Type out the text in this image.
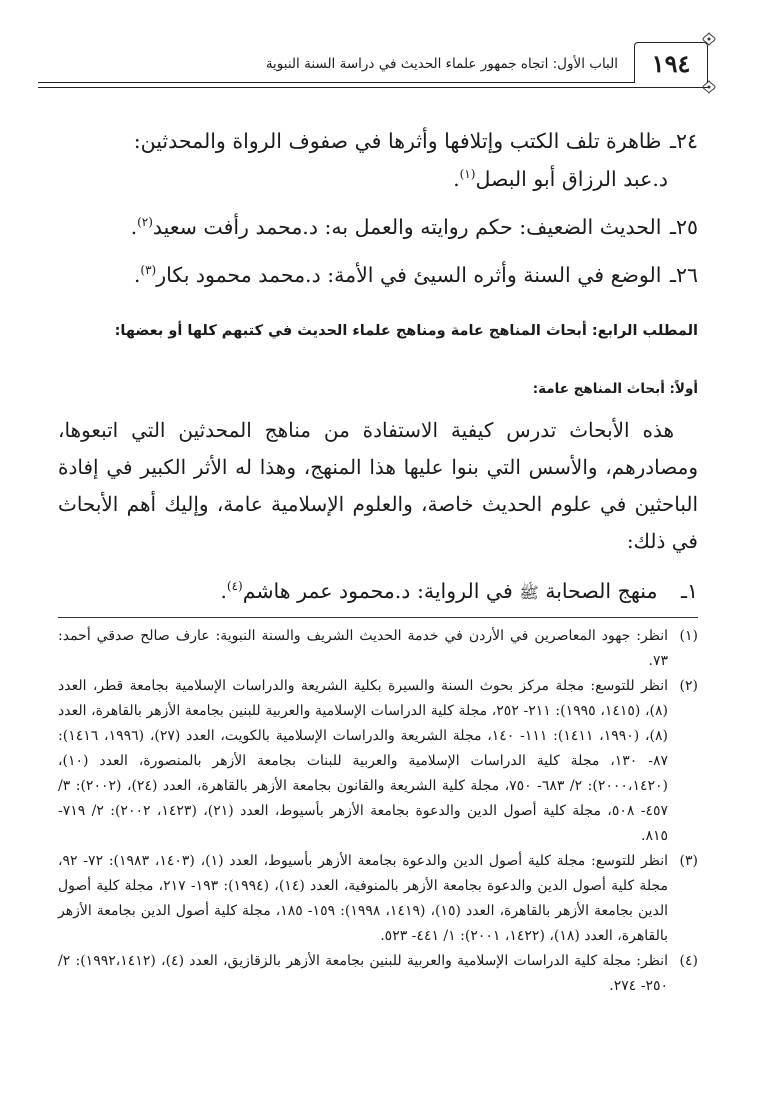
١٩٤
الباب الأول: اتجاه جمهور علماء الحديث في دراسة السنة النبوية
٢٤ـ ظاهرة تلف الكتب وإتلافها وأثرها في صفوف الرواة والمحدثين:
د.عبد الرزاق أبو البصل$^{(١)}$.
٢٥ـ الحديث الضعيف: حكم روايته والعمل به: د.محمد رأفت سعيد$^{(٢)}$.
٢٦ـ الوضع في السنة وأثره السيئ في الأمة: د.محمد محمود بكار$^{(٣)}$.
المطلب الرابع: أبحاث المناهج عامة ومناهج علماء الحديث في كتبهم كلها أو بعضها:
أولاً: أبحاث المناهج عامة:
هذه الأبحاث تدرس كيفية الاستفادة من مناهج المحدثين التي اتبعوها، ومصادرهم، والأسس التي بنوا عليها هذا المنهج، وهذا له الأثر الكبير في إفادة الباحثين في علوم الحديث خاصة، والعلوم الإسلامية عامة، وإليك أهم الأبحاث في ذلك:
١ـ منهج الصحابة ﷺ في الرواية: د.محمود عمر هاشم$^{(٤)}$.
(١)
انظر: جهود المعاصرين في الأردن في خدمة الحديث الشريف والسنة النبوية: عارف صالح صدقي أحمد: ٧٣.
(٢)
انظر للتوسع: مجلة مركز بحوث السنة والسيرة بكلية الشريعة والدراسات الإسلامية بجامعة قطر، العدد (٨)، (١٤١٥، ١٩٩٥): ٢١١- ٢٥٢، مجلة كلية الدراسات الإسلامية والعربية للبنين بجامعة الأزهر بالقاهرة، العدد (٨)، (١٩٩٠، ١٤١١): ١١١- ١٤٠، مجلة الشريعة والدراسات الإسلامية بالكويت، العدد (٢٧)، (١٩٩٦، ١٤١٦): ٨٧- ١٣٠، مجلة كلية الدراسات الإسلامية والعربية للبنات بجامعة الأزهر بالمنصورة، العدد (١٠)، (٢٠٠٠،١٤٢٠): ٢/ ٦٨٣- ٧٥٠، مجلة كلية الشريعة والقانون بجامعة الأزهر بالقاهرة، العدد (٢٤)، (٢٠٠٢): ٣/ ٤٥٧- ٥٠٨، مجلة كلية أصول الدين والدعوة بجامعة الأزهر بأسيوط، العدد (٢١)، (١٤٢٣، ٢٠٠٢): ٢/ ٧١٩- ٨١٥.
(٣)
انظر للتوسع: مجلة كلية أصول الدين والدعوة بجامعة الأزهر بأسيوط، العدد (١)، (١٤٠٣، ١٩٨٣): ٧٢- ٩٢، مجلة كلية أصول الدين والدعوة بجامعة الأزهر بالمنوفية، العدد (١٤)، (١٩٩٤): ١٩٣- ٢١٧، مجلة كلية أصول الدين بجامعة الأزهر بالقاهرة، العدد (١٥)، (١٤١٩، ١٩٩٨): ١٥٩- ١٨٥، مجلة كلية أصول الدين بجامعة الأزهر بالقاهرة، العدد (١٨)، (١٤٢٢، ٢٠٠١): ١/ ٤٤١- ٥٢٣.
(٤)
انظر: مجلة كلية الدراسات الإسلامية والعربية للبنين بجامعة الأزهر بالزقازيق، العدد (٤)، (١٩٩٢،١٤١٢): ٢/ ٢٥٠- ٢٧٤.
